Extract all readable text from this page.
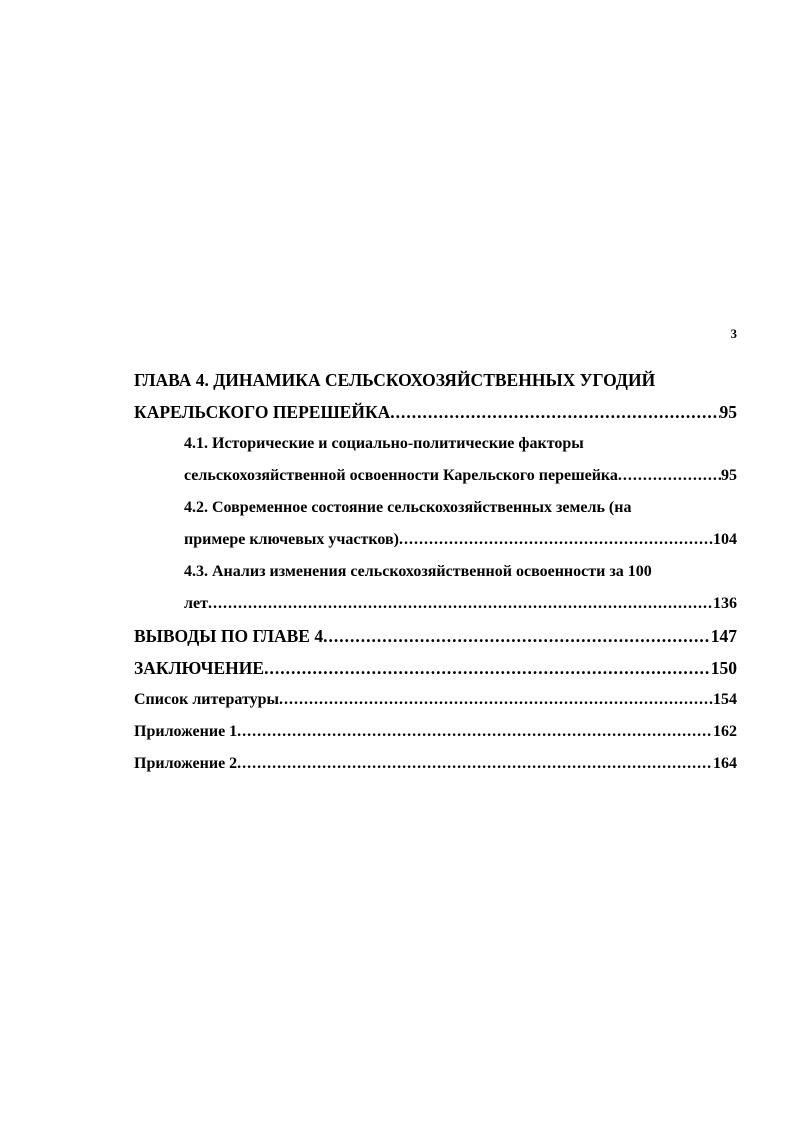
3
ГЛАВА 4. ДИНАМИКА СЕЛЬСКОХОЗЯЙСТВЕННЫХ УГОДИЙ
КАРЕЛЬСКОГО ПЕРЕШЕЙКА .....	95
4.1. Исторические и социально-политические факторы
сельскохозяйственной освоенности Карельского перешейка .....	95
4.2. Современное состояние сельскохозяйственных земель (на
примере ключевых участков) .....	104
4.3. Анализ изменения сельскохозяйственной освоенности за 100
лет .....	136
ВЫВОДЫ ПО ГЛАВЕ 4 .....	147
ЗАКЛЮЧЕНИЕ .....	150
Список литературы .....	154
Приложение 1 .....	162
Приложение 2 .....	164
